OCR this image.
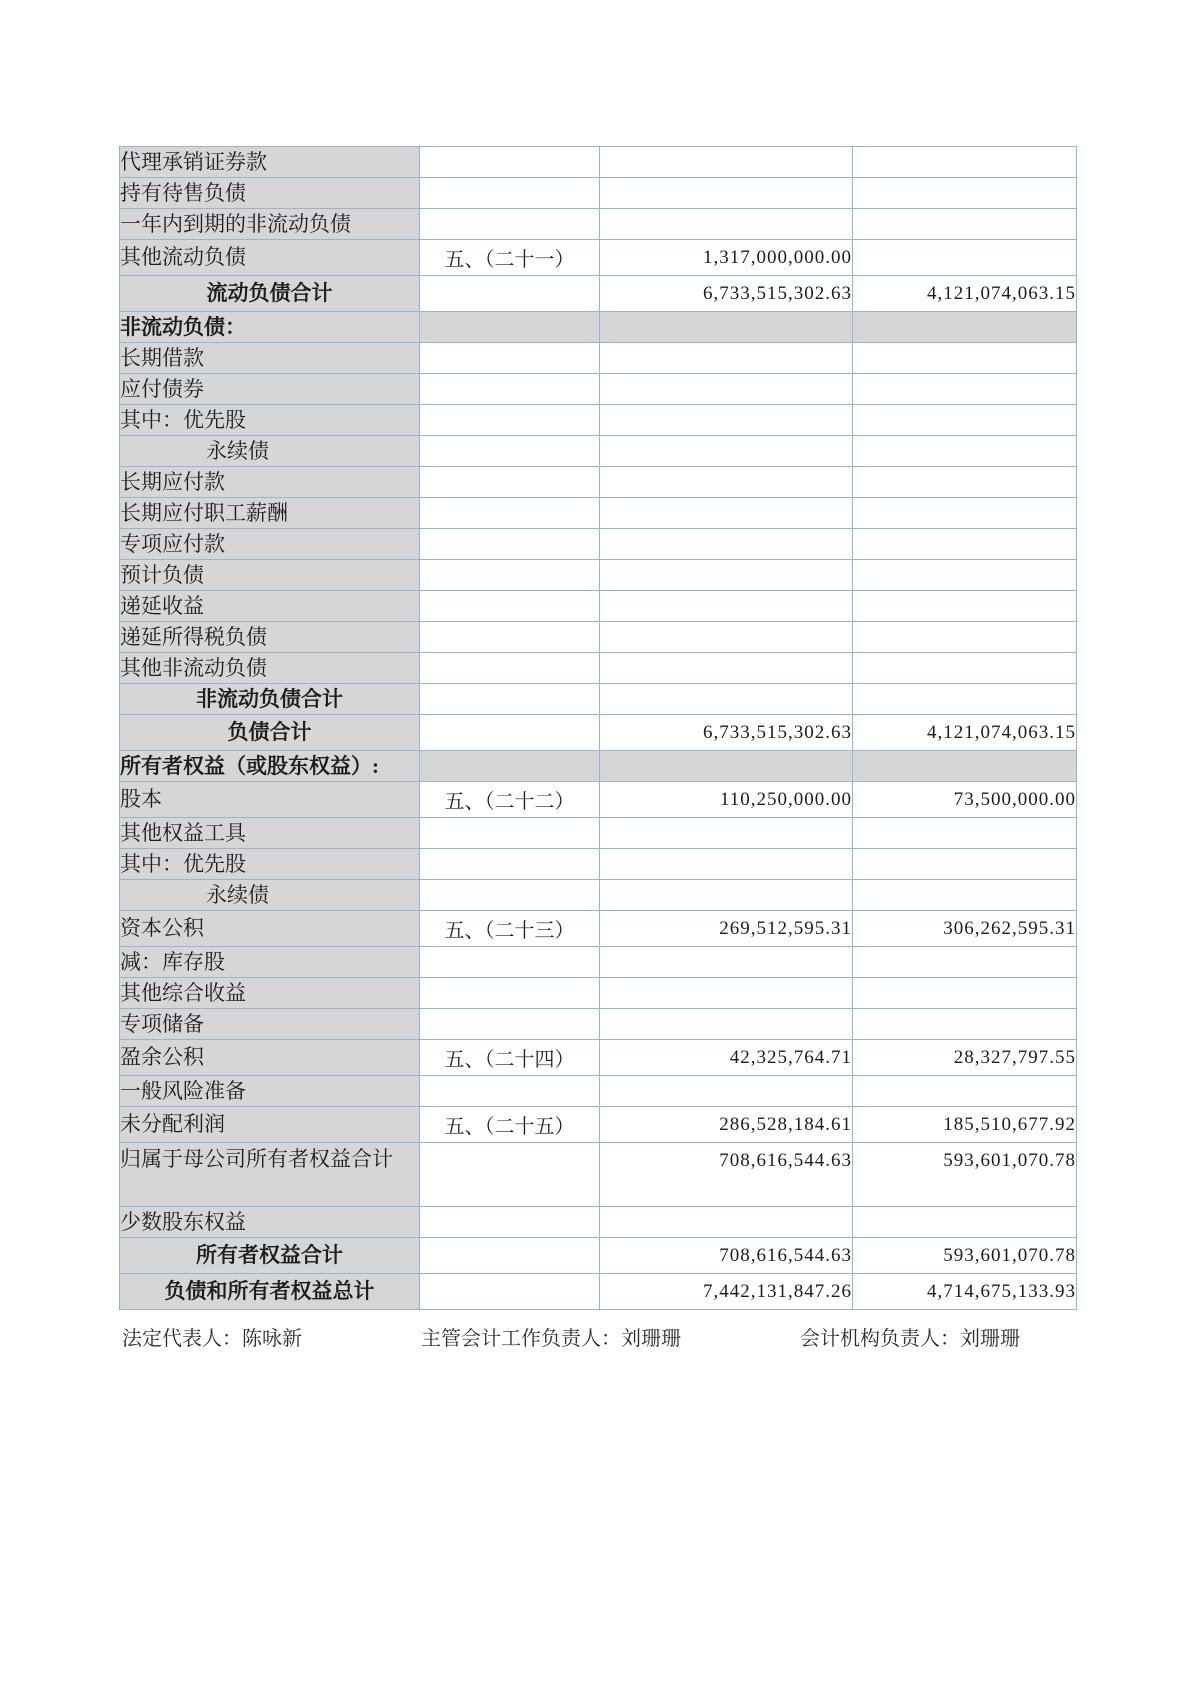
代理承销证券款			
持有待售负债			
一年内到期的非流动负债			
其他流动负债	五、（二十一）	1,317,000,000.00	
流动负债合计		6,733,515,302.63	4,121,074,063.15
非流动负债：			
长期借款			
应付债券			
其中：优先股			
永续债			
长期应付款			
长期应付职工薪酬			
专项应付款			
预计负债			
递延收益			
递延所得税负债			
其他非流动负债			
非流动负债合计			
负债合计		6,733,515,302.63	4,121,074,063.15
所有者权益（或股东权益）:			
股本	五、（二十二）	110,250,000.00	73,500,000.00
其他权益工具			
其中：优先股			
永续债			
资本公积	五、（二十三）	269,512,595.31	306,262,595.31
减：库存股			
其他综合收益			
专项储备			
盈余公积	五、（二十四）	42,325,764.71	28,327,797.55
一般风险准备			
未分配利润	五、（二十五）	286,528,184.61	185,510,677.92
归属于母公司所有者权益合计		708,616,544.63	593,601,070.78
少数股东权益			
所有者权益合计		708,616,544.63	593,601,070.78
负债和所有者权益总计		7,442,131,847.26	4,714,675,133.93
法定代表人：陈咏新	主管会计工作负责人：刘珊珊	会计机构负责人：刘珊珊
